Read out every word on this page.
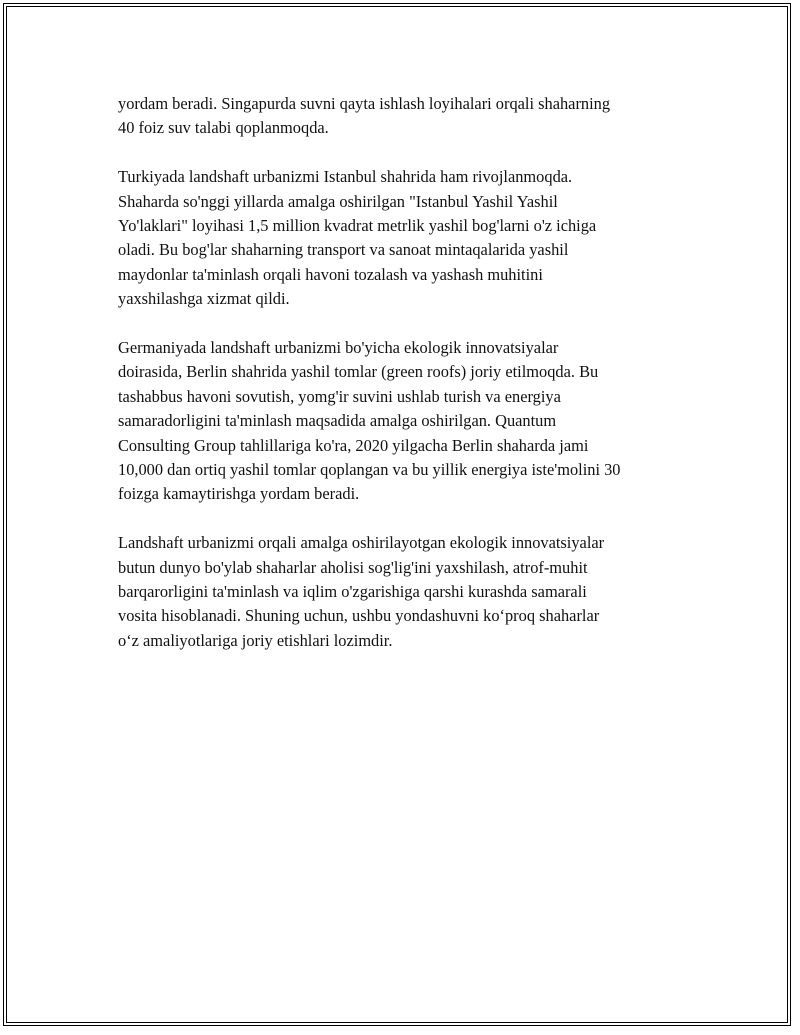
yordam beradi. Singapurda suvni qayta ishlash loyihalari orqali shaharning
40 foiz suv talabi qoplanmoqda.

Turkiyada landshaft urbanizmi Istanbul shahrida ham rivojlanmoqda.
Shaharda so'nggi yillarda amalga oshirilgan "Istanbul Yashil Yashil
Yo'laklari" loyihasi 1,5 million kvadrat metrlik yashil bog'larni o'z ichiga
oladi. Bu bog'lar shaharning transport va sanoat mintaqalarida yashil
maydonlar ta'minlash orqali havoni tozalash va yashash muhitini
yaxshilashga xizmat qildi.

Germaniyada landshaft urbanizmi bo'yicha ekologik innovatsiyalar
doirasida, Berlin shahrida yashil tomlar (green roofs) joriy etilmoqda. Bu
tashabbus havoni sovutish, yomg'ir suvini ushlab turish va energiya
samaradorligini ta'minlash maqsadida amalga oshirilgan. Quantum
Consulting Group tahlillariga ko'ra, 2020 yilgacha Berlin shaharda jami
10,000 dan ortiq yashil tomlar qoplangan va bu yillik energiya iste'molini 30
foizga kamaytirishga yordam beradi.

Landshaft urbanizmi orqali amalga oshirilayotgan ekologik innovatsiyalar
butun dunyo bo'ylab shaharlar aholisi sog'lig'ini yaxshilash, atrof-muhit
barqarorligini ta'minlash va iqlim o'zgarishiga qarshi kurashda samarali
vosita hisoblanadi. Shuning uchun, ushbu yondashuvni ko‘proq shaharlar
o‘z amaliyotlariga joriy etishlari lozimdir.
